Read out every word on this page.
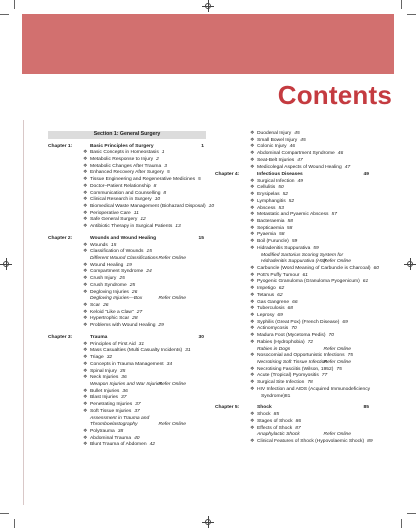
Contents
Section 1: General Surgery
Chapter 1:	Basic Principles of Surgery	1
❖ Basic Concepts in Homeostasis 1
❖ Metabolic Response to Injury 2
❖ Metabolic Changes After Trauma 3
❖ Enhanced Recovery After Surgery 5
❖ Tissue Engineering and Regenerative Medicines 5
❖ Doctor–Patient Relationship 8
❖ Communication and Counselling 8
❖ Clinical Research in Surgery 10
❖ Biomedical Waste Management (Biohazard Disposal) 10
❖ Perioperative Care 11
❖ Safe General Surgery 12
❖ Antibiotic Therapy in Surgical Patients 13
Chapter 2:	Wounds and Wound Healing	15
❖ Wounds 15
❖ Classification of Wounds 15
Different Wound Classifications Refer Online
❖ Wound Healing 19
❖ Compartment Syndrome 24
❖ Crush Injury 25
❖ Crush Syndrome 25
❖ Degloving Injuries 26
Degloving Injuries—Box	Refer Online
❖ Scar 26
❖ Keloid "Like a Claw" 27
❖ Hypertrophic Scar 28
❖ Problems with Wound Healing 29
Chapter 3:	Trauma	30
❖ Principles of First Aid 31
❖ Mass Casualties (Multi Casualty Incidents) 31
❖ Triage 32
❖ Concepts in Trauma Management 34
❖ Spinal Injury 35
❖ Neck Injuries 36
Weapon Injuries and War Injuries
Refer Online
❖ Bullet Injuries 36
❖ Blast Injuries 37
❖ Penetrating Injuries 37
❖ Soft Tissue Injuries 37
Assessment in Trauma and
Thromboelastography	Refer Online
❖ Polytrauma 38
❖ Abdominal Trauma 40
❖ Blunt Trauma of Abdomen 42
❖ Duodenal Injury 45
❖ Small Bowel Injury 45
❖ Colonic Injury 46
❖ Abdominal Compartment Syndrome 46
❖ Seat-Belt Injuries 47
❖ Medicolegal Aspects of Wound Healing 47
Chapter 4:	Infectious Diseases	49
❖ Surgical Infection 49
❖ Cellulitis 50
❖ Erysipelas 52
❖ Lymphangitis 52
❖ Abscess 53
❖ Metastatic and Pyaemic Abscess 57
❖ Bacteraemia 58
❖ Septicaemia 58
❖ Pyaemia 58
❖ Boil (Furuncle) 59
❖ Hidradenitis Suppurativa 59
Modified Sartorius Scoring System for
Hidradenitis Suppurativa (HS)
Refer Online
❖ Carbuncle (Word Meaning of Carbuncle is Charcoal) 60
❖ Pott's Puffy Tumour 61
❖ Pyogenic Granuloma (Granuloma Pyogenicum) 61
❖ Impetigo 62
❖ Tetanus 62
❖ Gas Gangrene 66
❖ Tuberculosis 68
❖ Leprosy 69
❖ Syphilis (Great Pox) (French Disease) 69
❖ Actinomycosis 70
❖ Madura Foot (Mycetoma Pedis) 70
❖ Rabies (Hydrophobia) 72
Rabies in Dogs	Refer Online
❖ Nosocomial and Opportunistic Infections 75
Necrotising Soft Tissue Infection
Refer Online
❖ Necrotising Fasciitis (Wilson, 1952) 75
❖ Acute (Tropical) Pyomyositis 77
❖ Surgical Site Infection 78
❖ HIV Infection and AIDS (Acquired Immunodeficiency
Syndrome)81
Chapter 5:	Shock	85
❖ Shock 85
❖ Stages of Shock 86
❖ Effects of Shock 87
Anaphylactic Shock	Refer Online
❖ Clinical Features of Shock (Hypovolaemic Shock) 89
